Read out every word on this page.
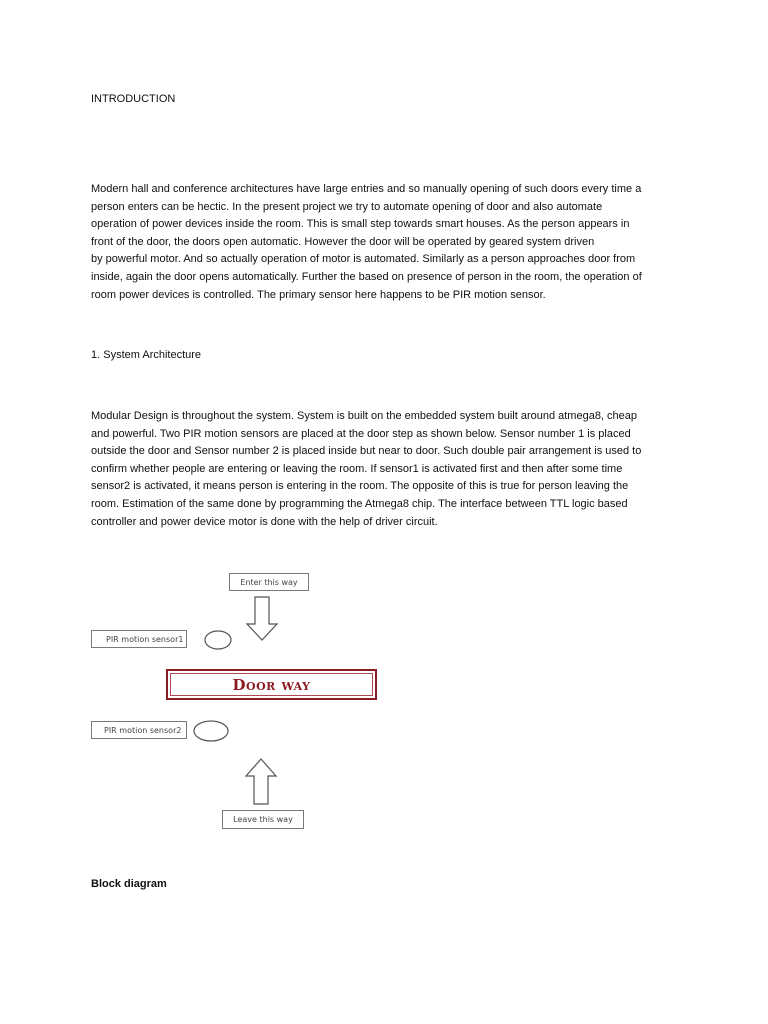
INTRODUCTION
Modern hall and conference architectures have large entries and so manually opening of such doors every time a
person enters can be hectic. In the present project we try to automate opening of door and also automate
operation of power devices inside the room. This is small step towards smart houses. As the person appears in
front of the door, the doors open automatic. However the door will be operated by geared system driven
by powerful motor. And so actually operation of motor is automated. Similarly as a person approaches door from
inside, again the door opens automatically. Further the based on presence of person in the room, the operation of
room power devices is controlled. The primary sensor here happens to be PIR motion sensor.
1. System Architecture
Modular Design is throughout the system. System is built on the embedded system built around atmega8, cheap
and powerful. Two PIR motion sensors are placed at the door step as shown below. Sensor number 1 is placed
outside the door and Sensor number 2 is placed inside but near to door. Such double pair arrangement is used to
confirm whether people are entering or leaving the room. If sensor1 is activated first and then after some time
sensor2 is activated, it means person is entering in the room. The opposite of this is true for person leaving the
room. Estimation of the same done by programming the Atmega8 chip. The interface between TTL logic based
controller and power device motor is done with the help of driver circuit.
Enter this way
PIR motion sensor1
Door way
PIR motion sensor2
Leave this way
Block diagram
